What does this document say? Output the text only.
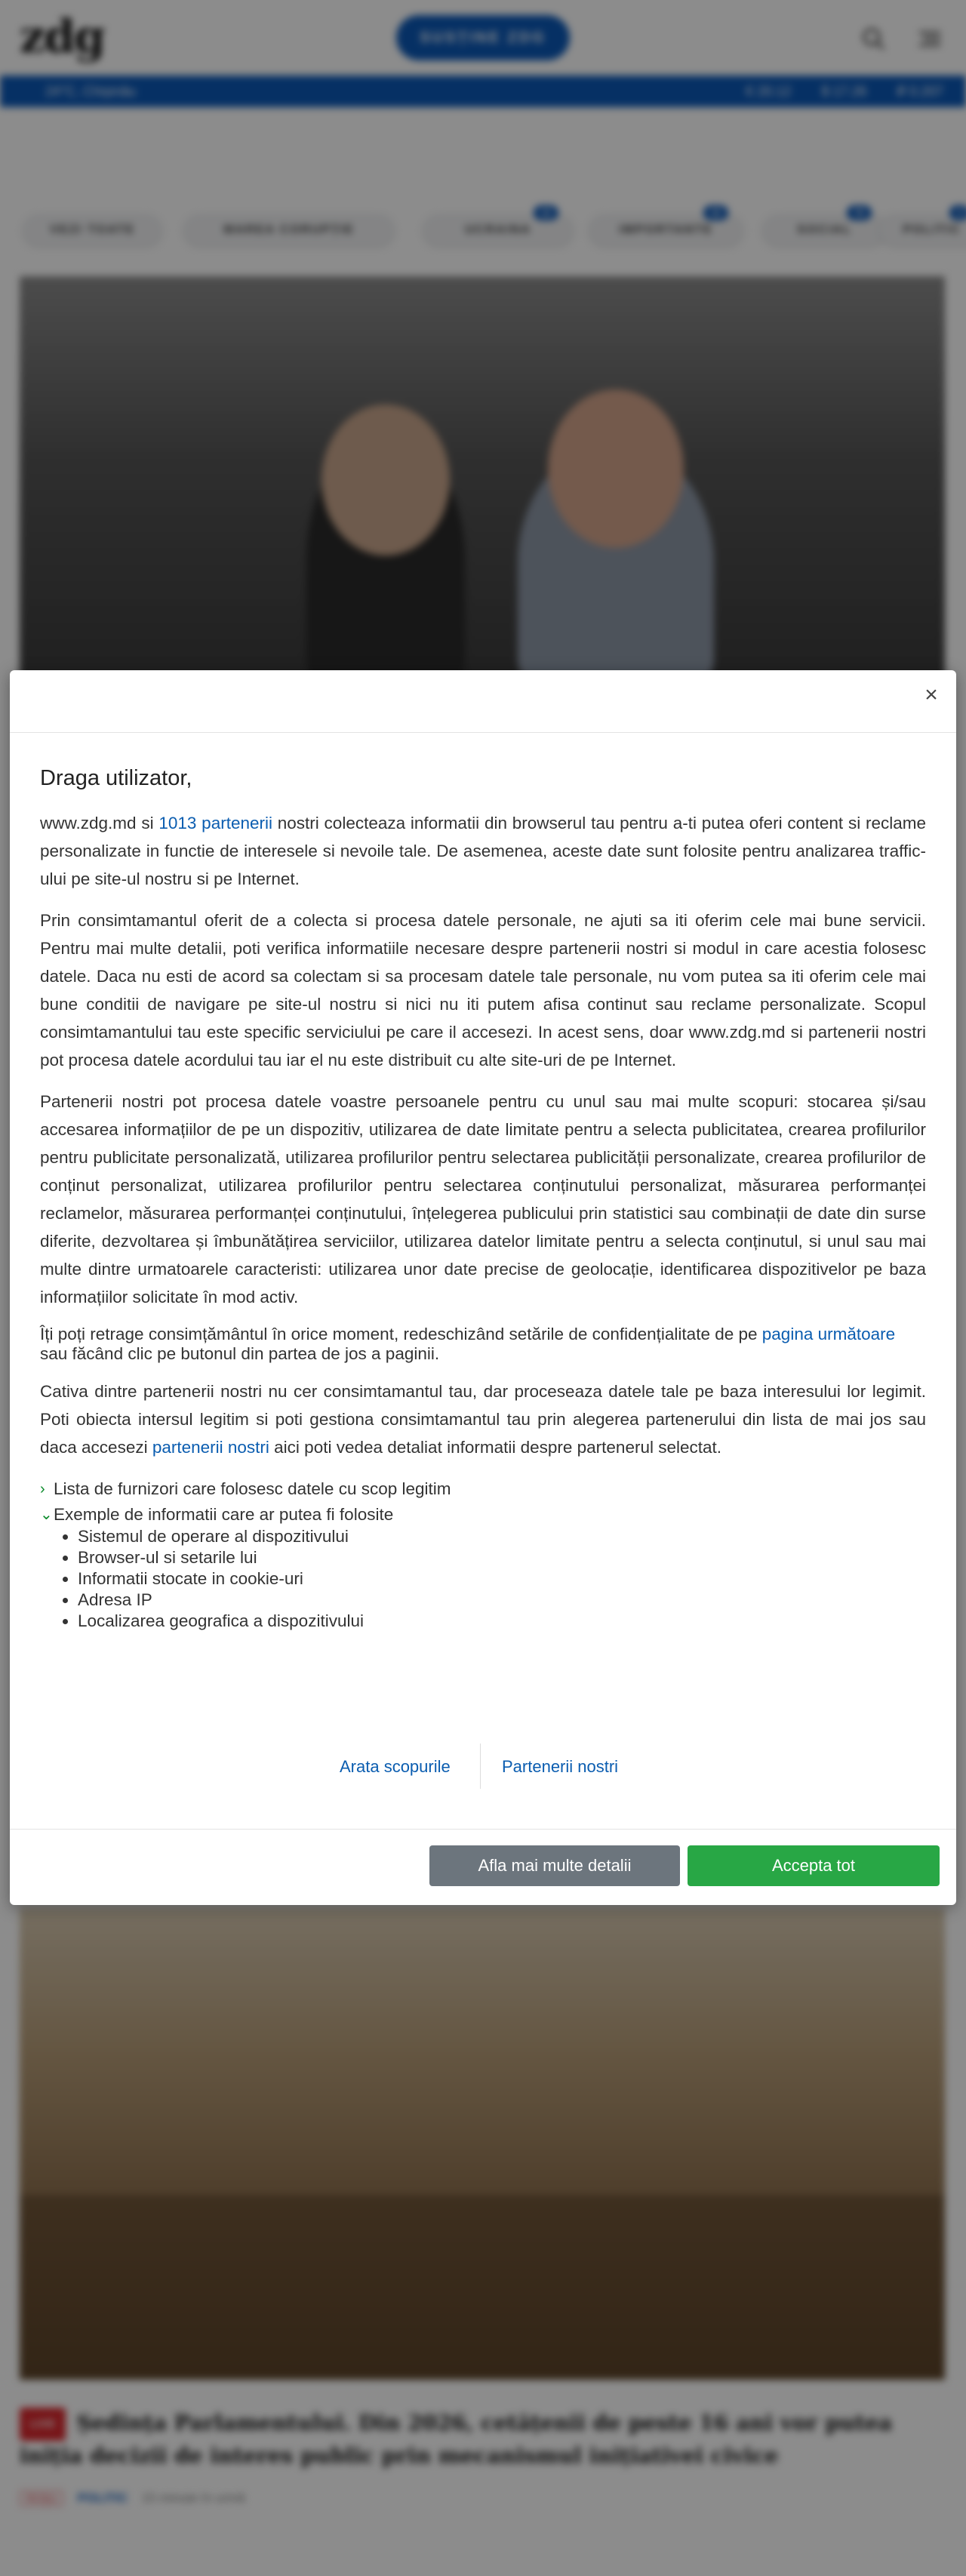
zdg	SUSȚINE ZDG
24°C, Chișinău	€ 20.12 $ 17.26 ₽ 0.207
VEZI TOATE	MAREA CORUPȚIE	UCRAINA
13
IMPORTANTE
15
SOCIAL
75
POLITIC
4
LIVE Ședința Parlamentului. Din 2026, cetățenii de peste 16 ani vor putea iniția decizii de interes public prin mecanismul inițiativei civice
ROȘU	POLITIC 15 minute în urmă
×
Draga utilizator,

www.zdg.md si 1013 partenerii nostri colecteaza informatii din browserul tau pentru a-ti putea oferi content si reclame personalizate in functie de interesele si nevoile tale. De asemenea, aceste date sunt folosite pentru analizarea traffic-ului pe site-ul nostru si pe Internet.

Prin consimtamantul oferit de a colecta si procesa datele personale, ne ajuti sa iti oferim cele mai bune servicii. Pentru mai multe detalii, poti verifica informatiile necesare despre partenerii nostri si modul in care acestia folosesc datele. Daca nu esti de acord sa colectam si sa procesam datele tale personale, nu vom putea sa iti oferim cele mai bune conditii de navigare pe site-ul nostru si nici nu iti putem afisa continut sau reclame personalizate. Scopul consimtamantului tau este specific serviciului pe care il accesezi. In acest sens, doar www.zdg.md si partenerii nostri pot procesa datele acordului tau iar el nu este distribuit cu alte site-uri de pe Internet.

Partenerii nostri pot procesa datele voastre persoanele pentru cu unul sau mai multe scopuri: stocarea și/sau accesarea informațiilor de pe un dispozitiv, utilizarea de date limitate pentru a selecta publicitatea, crearea profilurilor pentru publicitate personalizată, utilizarea profilurilor pentru selectarea publicității personalizate, crearea profilurilor de conținut personalizat, utilizarea profilurilor pentru selectarea conținutului personalizat, măsurarea performanței reclamelor, măsurarea performanței conținutului, înțelegerea publicului prin statistici sau combinații de date din surse diferite, dezvoltarea și îmbunătățirea serviciilor, utilizarea datelor limitate pentru a selecta conținutul, si unul sau mai multe dintre urmatoarele caracteristi: utilizarea unor date precise de geolocație, identificarea dispozitivelor pe baza informațiilor solicitate în mod activ.

Îți poți retrage consimțământul în orice moment, redeschizând setările de confidențialitate de pe pagina următoare sau făcând clic pe butonul din partea de jos a paginii.

Cativa dintre partenerii nostri nu cer consimtamantul tau, dar proceseaza datele tale pe baza interesului lor legimit. Poti obiecta intersul legitim si poti gestiona consimtamantul tau prin alegerea partenerului din lista de mai jos sau daca accesezi partenerii nostri aici poti vedea detaliat informatii despre partenerul selectat.

› Lista de furnizori care folosesc datele cu scop legitim
⌄ Exemple de informatii care ar putea fi folosite
• Sistemul de operare al dispozitivului
• Browser-ul si setarile lui
• Informatii stocate in cookie-uri
• Adresa IP
• Localizarea geografica a dispozitivului
Arata scopurile	Partenerii nostri
Afla mai multe detalii	Accepta tot
